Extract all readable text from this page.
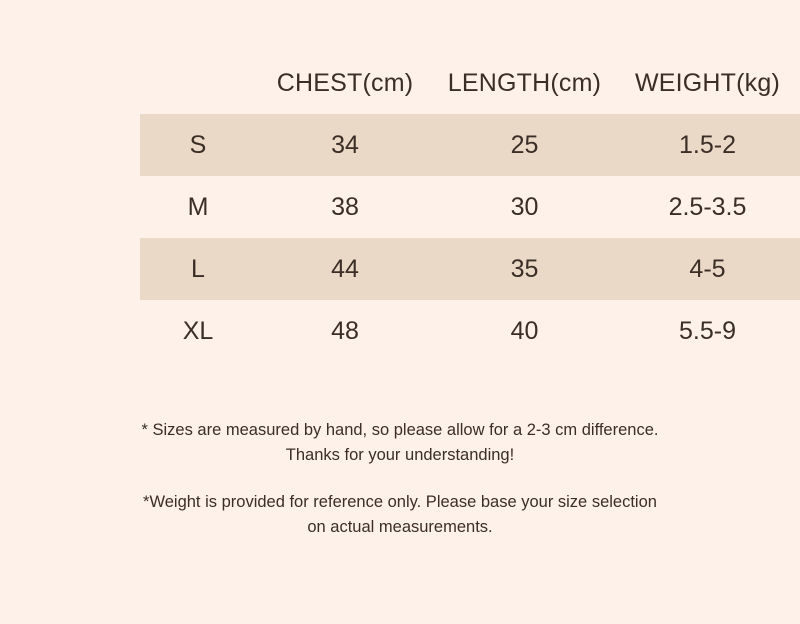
		CHEST(cm)	LENGTH(cm)	WEIGHT(kg)
	S	34	25	1.5-2
	M	38	30	2.5-3.5
	L	44	35	4-5
	XL	48	40	5.5-9
* Sizes are measured by hand, so please allow for a 2-3 cm difference.
Thanks for your understanding!
*Weight is provided for reference only. Please base your size selection
on actual measurements.
